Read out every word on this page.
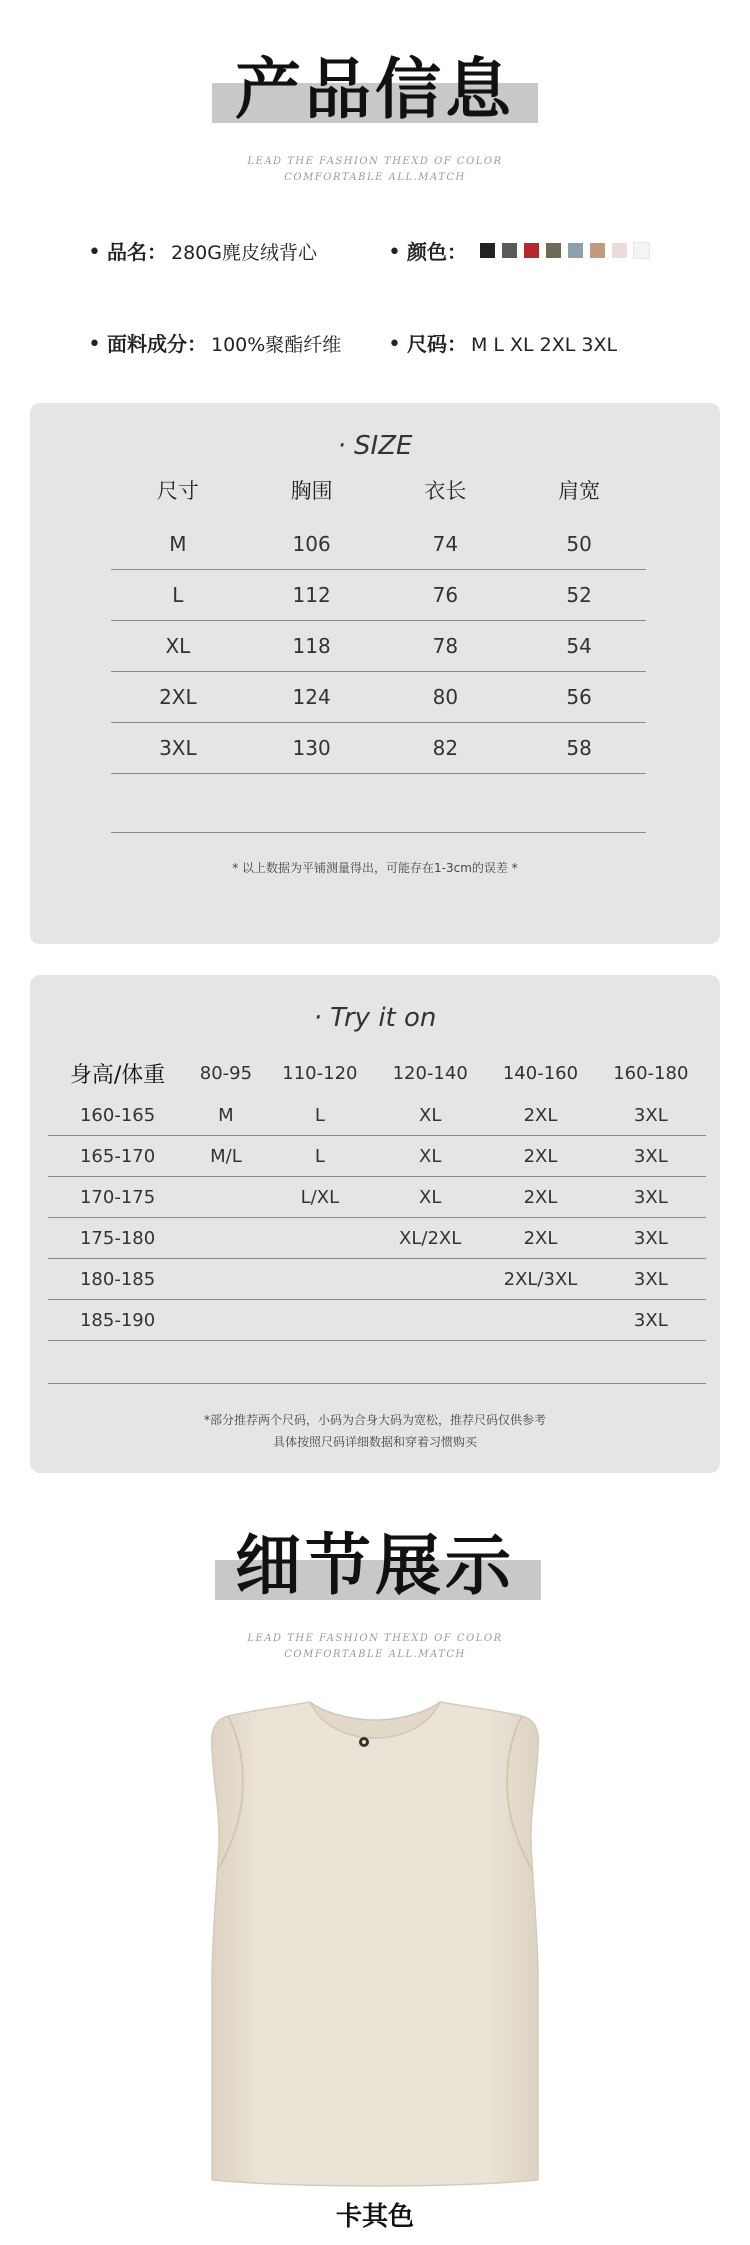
产品信息
LEAD THE FASHION THEXD OF COLOR
COMFORTABLE ALL.MATCH
• 品名： 280G麂皮绒背心	• 颜色：
• 面料成分： 100%聚酯纤维 • 尺码： M L XL 2XL 3XL
· SIZE
尺寸	胸围	衣长	肩宽
M	106	74	50
L	112	76	52
XL	118	78	54
2XL	124	80	56
3XL	130	82	58

* 以上数据为平铺测量得出，可能存在1-3cm的误差 *
· Try it on
身高/体重	80-95	110-120	120-140	140-160	160-180
160-165	M	L	XL	2XL	3XL
165-170	M/L	L	XL	2XL	3XL
170-175		L/XL	XL	2XL	3XL
175-180			XL/2XL	2XL	3XL
180-185				2XL/3XL	3XL
185-190					3XL

*部分推荐两个尺码，小码为合身大码为宽松，推荐尺码仅供参考
具体按照尺码详细数据和穿着习惯购买
细节展示
LEAD THE FASHION THEXD OF COLOR
COMFORTABLE ALL.MATCH
卡其色
